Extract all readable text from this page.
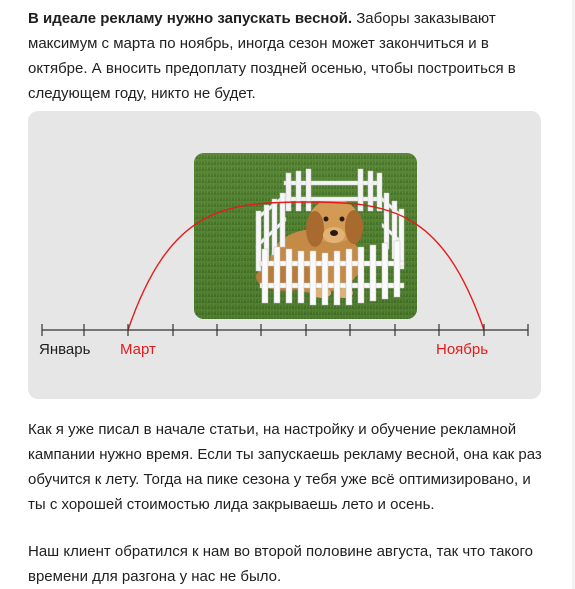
В идеале рекламу нужно запускать весной. Заборы заказывают максимум с марта по ноябрь, иногда сезон может закончиться и в октябре. А вносить предоплату поздней осенью, чтобы построиться в следующем году, никто не будет.

Январь Март	Ноябрь

Как я уже писал в начале статьи, на настройку и обучение рекламной кампании нужно время. Если ты запускаешь рекламу весной, она как раз обучится к лету. Тогда на пике сезона у тебя уже всё оптимизировано, и ты с хорошей стоимостью лида закрываешь лето и осень.

Наш клиент обратился к нам во второй половине августа, так что такого времени для разгона у нас не было.
